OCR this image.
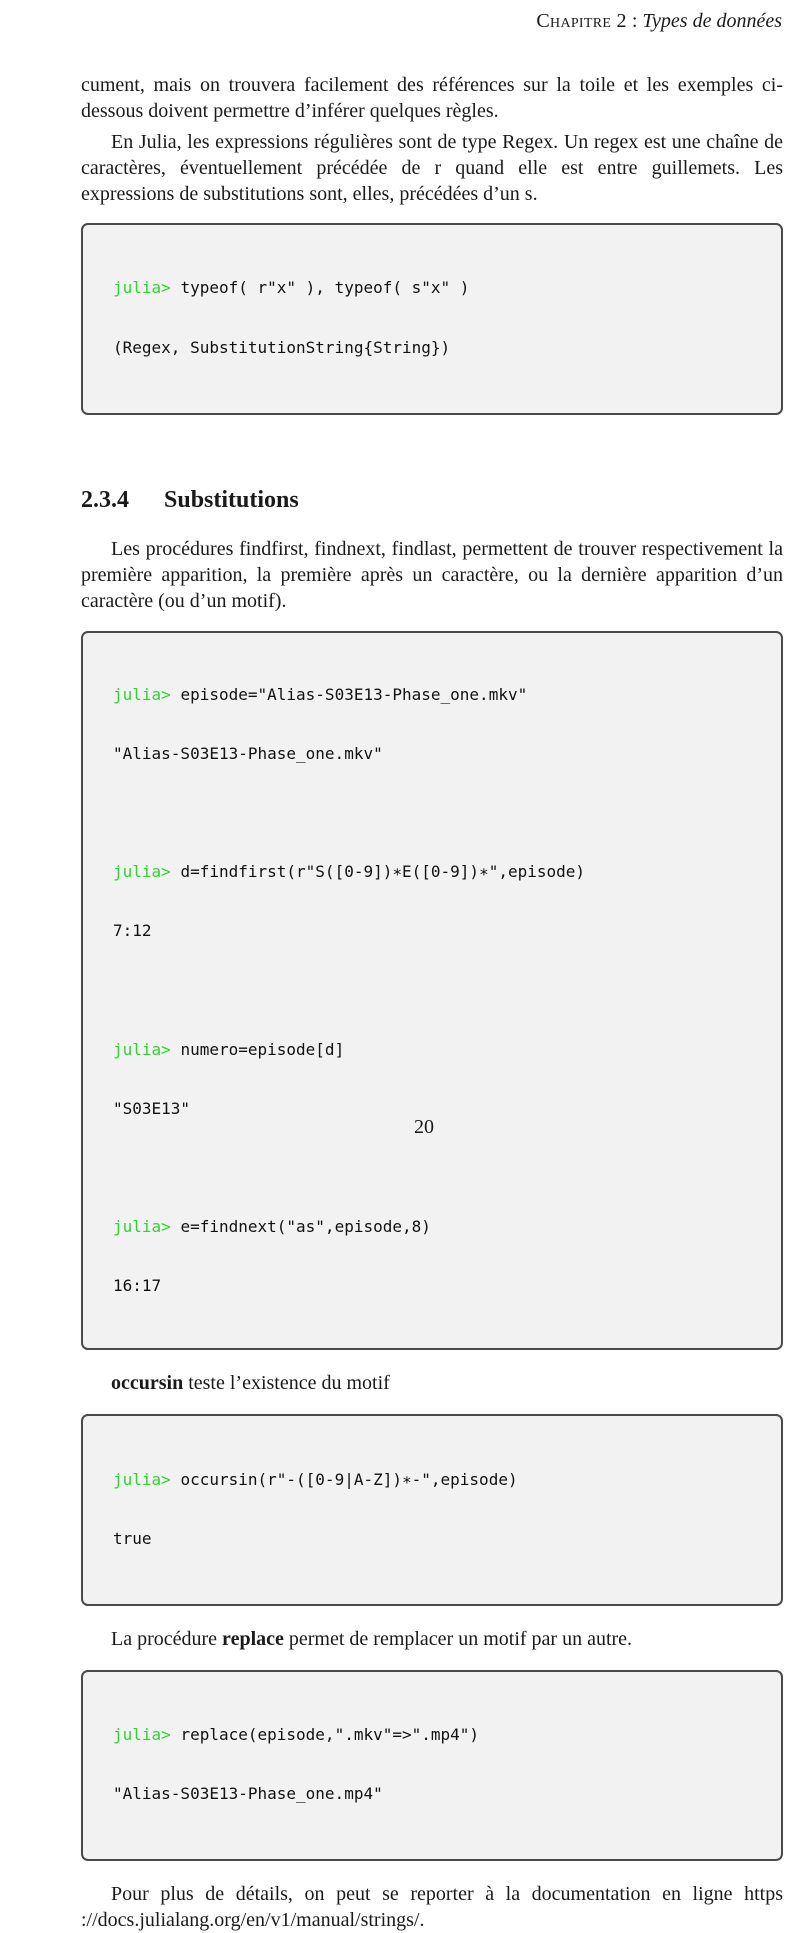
Chapitre 2 : Types de données

cument, mais on trouvera facilement des références sur la toile et les exemples ci-dessous doivent permettre d’inférer quelques règles.

En Julia, les expressions régulières sont de type Regex. Un regex est une chaîne de caractères, éventuellement précédée de r quand elle est entre guillemets. Les expressions de substitutions sont, elles, précédées d’un s.

julia> typeof( r"x" ), typeof( s"x" )

(Regex, SubstitutionString{String})

2.3.4 Substitutions

Les procédures findfirst, findnext, findlast, permettent de trouver respectivement la première apparition, la première après un caractère, ou la dernière apparition d’un caractère (ou d’un motif).

julia> episode="Alias-S03E13-Phase_one.mkv"

"Alias-S03E13-Phase_one.mkv"

julia> d=findfirst(r"S([0-9])∗E([0-9])∗",episode)

7:12

julia> numero=episode[d]

"S03E13"

julia> e=findnext("as",episode,8)

16:17

occursin teste l’existence du motif

julia> occursin(r"-([0-9|A-Z])∗-",episode)

true

La procédure replace permet de remplacer un motif par un autre.

julia> replace(episode,".mkv"=>".mp4")

"Alias-S03E13-Phase_one.mp4"

Pour plus de détails, on peut se reporter à la documentation en ligne https ://docs.julialang.org/en/v1/manual/strings/.

20
